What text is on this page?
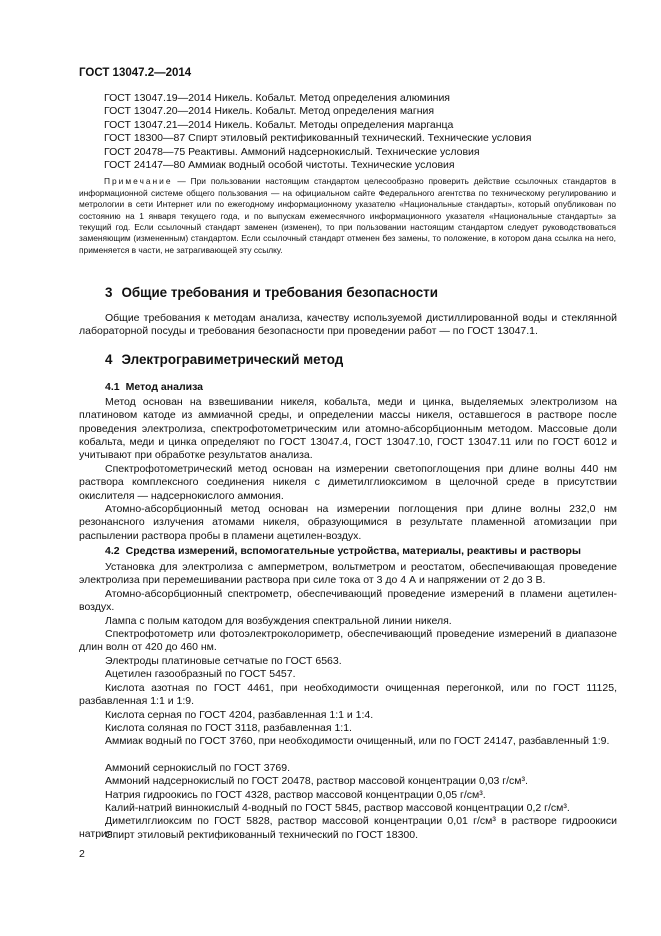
ГОСТ 13047.2—2014
ГОСТ 13047.19—2014 Никель. Кобальт. Метод определения алюминия
ГОСТ 13047.20—2014 Никель. Кобальт. Метод определения магния
ГОСТ 13047.21—2014 Никель. Кобальт. Методы определения марганца
ГОСТ 18300—87 Спирт этиловый ректификованный технический. Технические условия
ГОСТ 20478—75 Реактивы. Аммоний надсернокислый. Технические условия
ГОСТ 24147—80 Аммиак водный особой чистоты. Технические условия

Примечание — При пользовании настоящим стандартом целесообразно проверить действие ссылочных стандартов в информационной системе общего пользования — на официальном сайте Федерального агентства по техническому регулированию и метрологии в сети Интернет или по ежегодному информационному указателю «Национальные стандарты», который опубликован по состоянию на 1 января текущего года, и по выпускам ежемесячного информационного указателя «Национальные стандарты» за текущий год. Если ссылочный стандарт заменен (изменен), то при пользовании настоящим стандартом следует руководствоваться заменяющим (измененным) стандартом. Если ссылочный стандарт отменен без замены, то положение, в котором дана ссылка на него, применяется в части, не затрагивающей эту ссылку.

3 Общие требования и требования безопасности

Общие требования к методам анализа, качеству используемой дистиллированной воды и стеклянной лабораторной посуды и требования безопасности при проведении работ — по ГОСТ 13047.1.

4 Электрогравиметрический метод
4.1 Метод анализа

Метод основан на взвешивании никеля, кобальта, меди и цинка, выделяемых электролизом на платиновом катоде из аммиачной среды, и определении массы никеля, оставшегося в растворе после проведения электролиза, спектрофотометрическим или атомно-абсорбционным методом. Массовые доли кобальта, меди и цинка определяют по ГОСТ 13047.4, ГОСТ 13047.10, ГОСТ 13047.11 или по ГОСТ 6012 и учитывают при обработке результатов анализа.

Спектрофотометрический метод основан на измерении светопоглощения при длине волны 440 нм раствора комплексного соединения никеля с диметилглиоксимом в щелочной среде в присутствии окислителя — надсернокислого аммония.

Атомно-абсорбционный метод основан на измерении поглощения при длине волны 232,0 нм резонансного излучения атомами никеля, образующимися в результате пламенной атомизации при распылении раствора пробы в пламени ацетилен-воздух.

4.2 Средства измерений, вспомогательные устройства, материалы, реактивы и растворы

Установка для электролиза с амперметром, вольтметром и реостатом, обеспечивающая проведение электролиза при перемешивании раствора при силе тока от 3 до 4 А и напряжении от 2 до 3 В.

Атомно-абсорбционный спектрометр, обеспечивающий проведение измерений в пламени ацетилен-воздух.

Лампа с полым катодом для возбуждения спектральной линии никеля.

Спектрофотометр или фотоэлектроколориметр, обеспечивающий проведение измерений в диапазоне длин волн от 420 до 460 нм.

Электроды платиновые сетчатые по ГОСТ 6563.

Ацетилен газообразный по ГОСТ 5457.

Кислота азотная по ГОСТ 4461, при необходимости очищенная перегонкой, или по ГОСТ 11125, разбавленная 1:1 и 1:9.

Кислота серная по ГОСТ 4204, разбавленная 1:1 и 1:4.

Кислота соляная по ГОСТ 3118, разбавленная 1:1.

Аммиак водный по ГОСТ 3760, при необходимости очищенный, или по ГОСТ 24147, разбавленный 1:9.

Аммоний сернокислый по ГОСТ 3769.

Аммоний надсернокислый по ГОСТ 20478, раствор массовой концентрации 0,03 г/см³.

Натрия гидроокись по ГОСТ 4328, раствор массовой концентрации 0,05 г/см³.

Калий-натрий виннокислый 4-водный по ГОСТ 5845, раствор массовой концентрации 0,2 г/см³.

Диметилглиоксим по ГОСТ 5828, раствор массовой концентрации 0,01 г/см³ в растворе гидроокиси натрия.

Спирт этиловый ректификованный технический по ГОСТ 18300.

2
